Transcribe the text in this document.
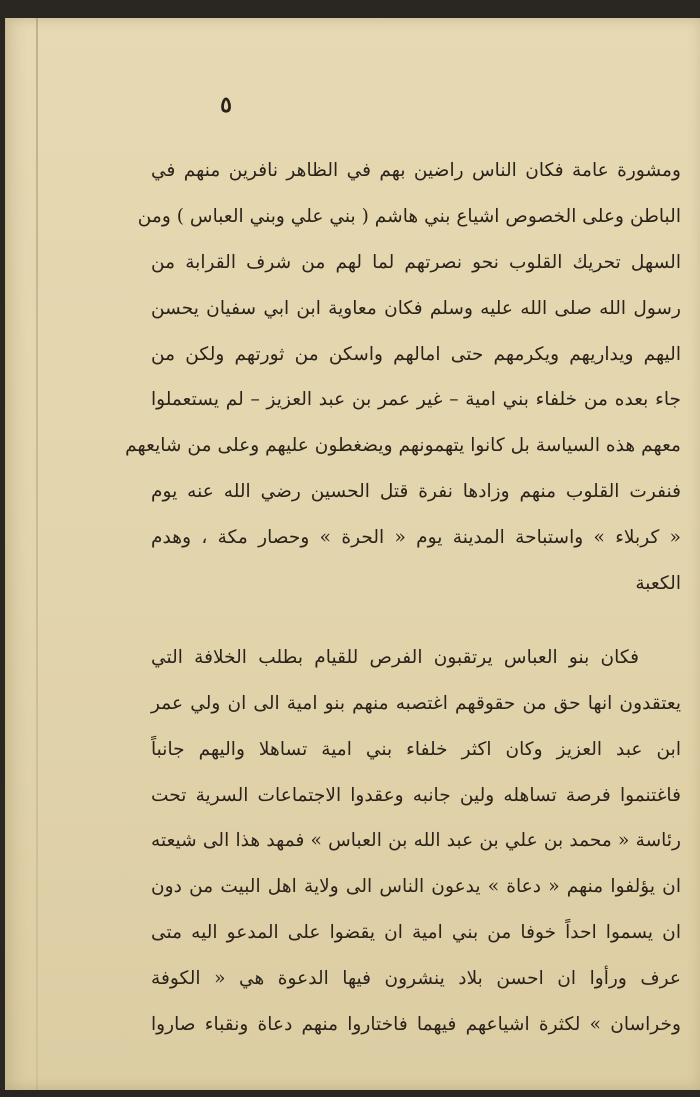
٥
ومشورة عامة فكان الناس راضين بهم في الظاهر نافرين منهم في
الباطن وعلى الخصوص اشياع بني هاشم ( بني علي وبني العباس ) ومن
السهل تحريك القلوب نحو نصرتهم لما لهم من شرف القرابة من
رسول الله صلى الله عليه وسلم فكان معاوية ابن ابي سفيان يحسن
اليهم ويداريهم ويكرمهم حتى امالهم واسكن من ثورتهم ولكن من
جاء بعده من خلفاء بني امية – غير عمر بن عبد العزيز – لم يستعملوا
معهم هذه السياسة بل كانوا يتهمونهم ويضغطون عليهم وعلى من شايعهم
فنفرت القلوب منهم وزادها نفرة قتل الحسين رضي الله عنه يوم
« كربلاء » واستباحة المدينة يوم « الحرة » وحصار مكة ، وهدم
الكعبة
فكان بنو العباس يرتقبون الفرص للقيام بطلب الخلافة التي
يعتقدون انها حق من حقوقهم اغتصبه منهم بنو امية الى ان ولي عمر
ابن عبد العزيز وكان اكثر خلفاء بني امية تساهلا واليهم جانباً
فاغتنموا فرصة تساهله ولين جانبه وعقدوا الاجتماعات السرية تحت
رئاسة « محمد بن علي بن عبد الله بن العباس » فمهد هذا الى شيعته
ان يؤلفوا منهم « دعاة » يدعون الناس الى ولاية اهل البيت من دون
ان يسموا احداً خوفا من بني امية ان يقضوا على المدعو اليه متى
عرف ورأوا ان احسن بلاد ينشرون فيها الدعوة هي « الكوفة
وخراسان » لكثرة اشياعهم فيهما فاختاروا منهم دعاة ونقباء صاروا
